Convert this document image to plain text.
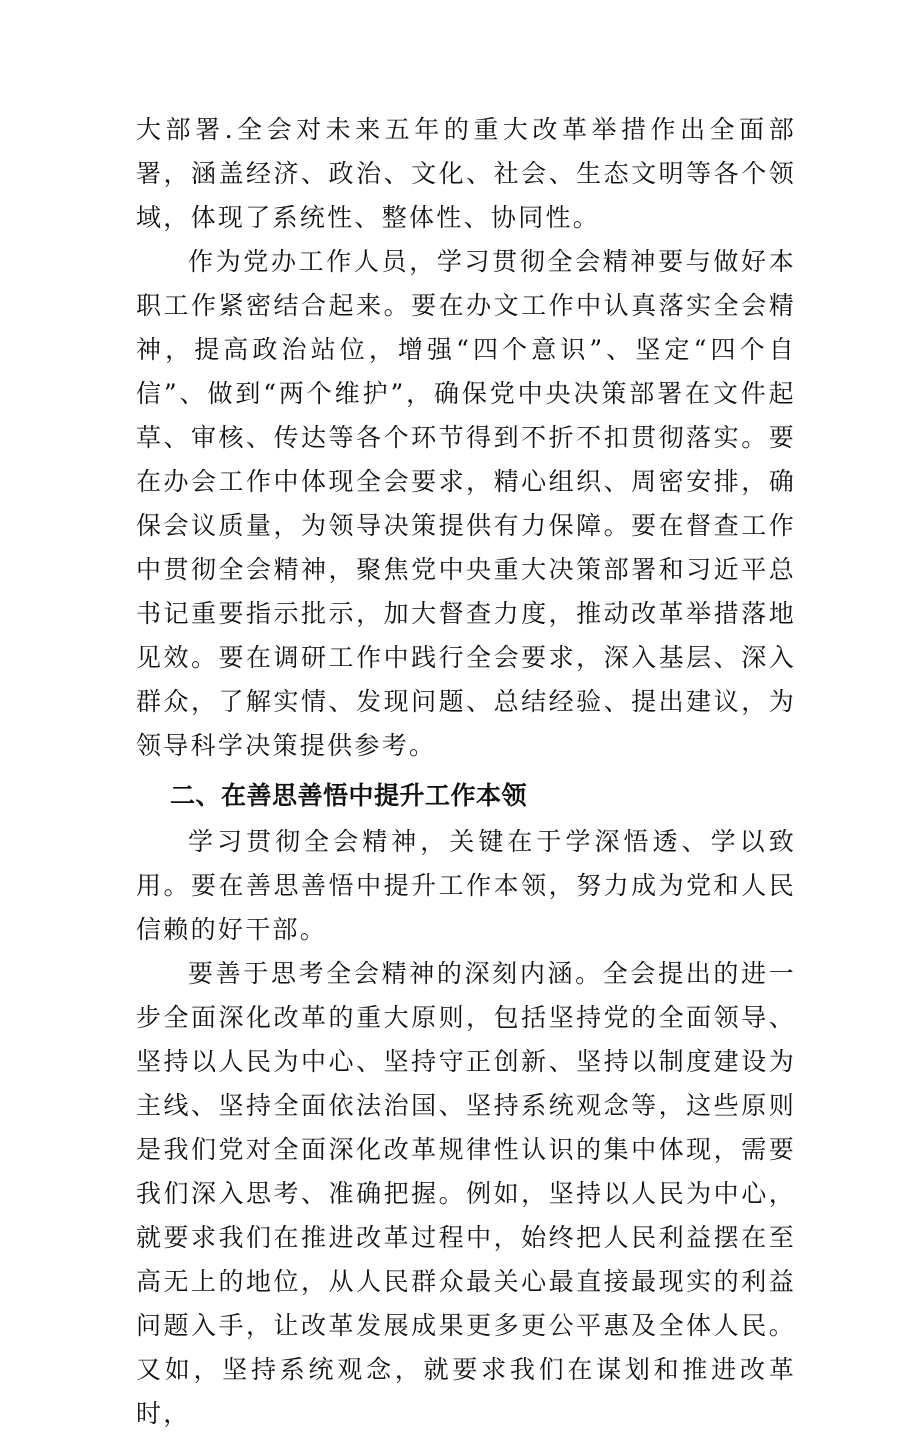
大部署.全会对未来五年的重大改革举措作出全面部署，涵盖经济、政治、文化、社会、生态文明等各个领域，体现了系统性、整体性、协同性。

作为党办工作人员，学习贯彻全会精神要与做好本职工作紧密结合起来。要在办文工作中认真落实全会精神，提高政治站位，增强“四个意识”、坚定“四个自信”、做到“两个维护”，确保党中央决策部署在文件起草、审核、传达等各个环节得到不折不扣贯彻落实。要在办会工作中体现全会要求，精心组织、周密安排，确保会议质量，为领导决策提供有力保障。要在督查工作中贯彻全会精神，聚焦党中央重大决策部署和习近平总书记重要指示批示，加大督查力度，推动改革举措落地见效。要在调研工作中践行全会要求，深入基层、深入群众，了解实情、发现问题、总结经验、提出建议，为领导科学决策提供参考。

二、在善思善悟中提升工作本领

学习贯彻全会精神，关键在于学深悟透、学以致用。要在善思善悟中提升工作本领，努力成为党和人民信赖的好干部。

要善于思考全会精神的深刻内涵。全会提出的进一步全面深化改革的重大原则，包括坚持党的全面领导、坚持以人民为中心、坚持守正创新、坚持以制度建设为主线、坚持全面依法治国、坚持系统观念等，这些原则是我们党对全面深化改革规律性认识的集中体现，需要我们深入思考、准确把握。例如，坚持以人民为中心，就要求我们在推进改革过程中，始终把人民利益摆在至高无上的地位，从人民群众最关心最直接最现实的利益问题入手，让改革发展成果更多更公平惠及全体人民。又如，坚持系统观念，就要求我们在谋划和推进改革时，
